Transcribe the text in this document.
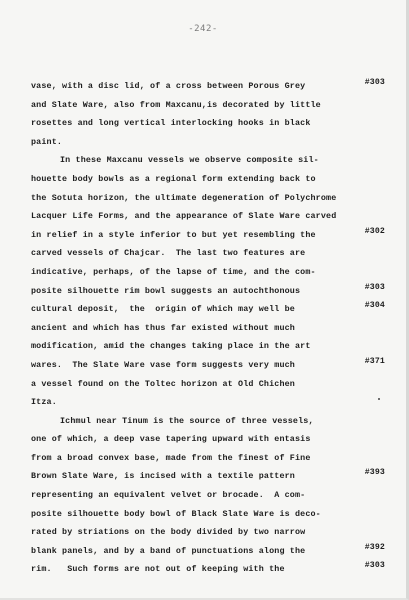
-242-
vase, with a disc lid, of a cross between Porous Grey	#303
and Slate Ware, also from Maxcanu,is decorated by little
rosettes and long vertical interlocking hooks in black
paint.
In these Maxcanu vessels we observe composite sil-
houette body bowls as a regional form extending back to
the Sotuta horizon, the ultimate degeneration of Polychrome
Lacquer Life Forms, and the appearance of Slate Ware carved
in relief in a style inferior to but yet resembling the	#302
carved vessels of Chajcar.  The last two features are
indicative, perhaps, of the lapse of time, and the com-
posite silhouette rim bowl suggests an autochthonous	#303
cultural deposit,  the  origin of which may well be	#304
ancient and which has thus far existed without much
modification, amid the changes taking place in the art
wares.  The Slate Ware vase form suggests very much	#371
a vessel found on the Toltec horizon at Old Chichen
Itza.
Ichmul near Tinum is the source of three vessels,
one of which, a deep vase tapering upward with entasis
from a broad convex base, made from the finest of Fine
Brown Slate Ware, is incised with a textile pattern	#393
representing an equivalent velvet or brocade.  A com-
posite silhouette body bowl of Black Slate Ware is deco-
rated by striations on the body divided by two narrow
blank panels, and by a band of punctuations along the	#392
rim.   Such forms are not out of keeping with the	#303
